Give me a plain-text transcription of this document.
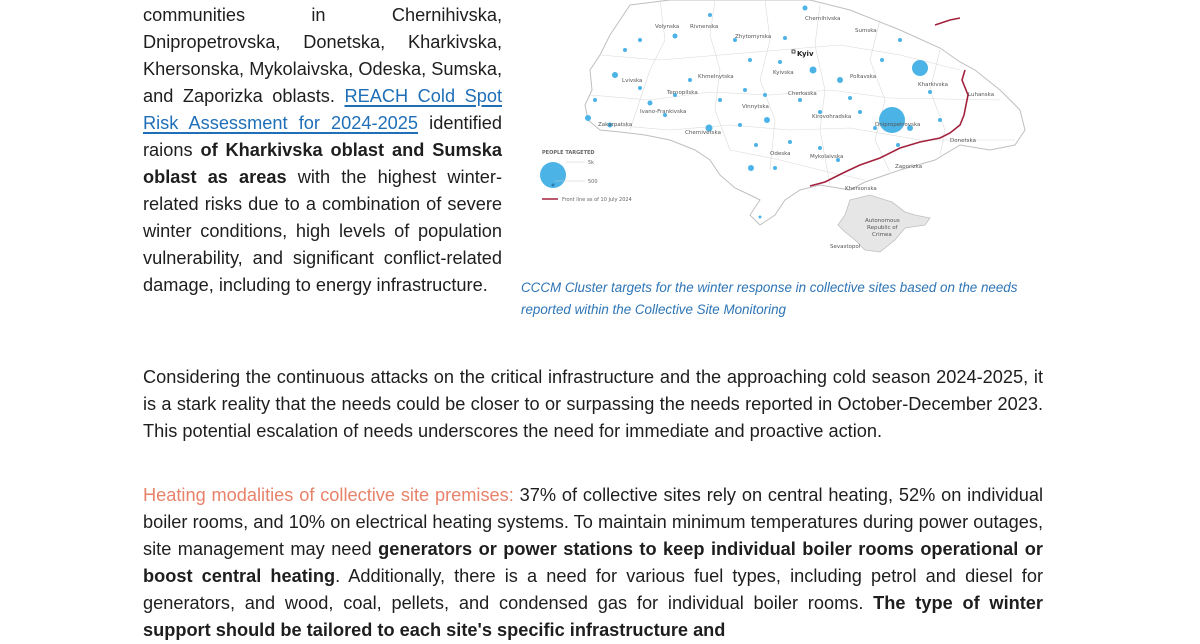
communities in Chernihivska, Dnipropetrovska, Donetska, Kharkivska, Khersonska, Mykolaivska, Odeska, Sumska, and Zaporizka oblasts. REACH Cold Spot Risk Assessment for 2024-2025 identified raions of Kharkivska oblast and Sumska oblast as areas with the highest winter-related risks due to a combination of severe winter conditions, high levels of population vulnerability, and significant conflict-related damage, including to energy infrastructure.

Autonomous
Republic of
Crimea
Sevastopol
Volynska Rivnenska
Zhytomyrska
Chernihivska
Sumska
Lvivska
Ternopilska
Khmelnytska
Kyivska
Poltavska
Kharkivska
Luhanska
Ivano-Frankivska
Zakarpatska
Vinnytska
Cherkaska
Chernivetska
Kirovohradska
Dnipropetrovska
Donetska
Odeska	Mykolaivska
Zaporizka
Khersonska
Kyiv
PEOPLE TARGETED
5k
500
Front line as of 10 July 2024
CCCM Cluster targets for the winter response in collective sites based on the needs reported within the Collective Site Monitoring

Considering the continuous attacks on the critical infrastructure and the approaching cold season 2024-2025, it is a stark reality that the needs could be closer to or surpassing the needs reported in October-December 2023. This potential escalation of needs underscores the need for immediate and proactive action.

Heating modalities of collective site premises: 37% of collective sites rely on central heating, 52% on individual boiler rooms, and 10% on electrical heating systems. To maintain minimum temperatures during power outages, site management may need generators or power stations to keep individual boiler rooms operational or boost central heating. Additionally, there is a need for various fuel types, including petrol and diesel for generators, and wood, coal, pellets, and condensed gas for individual boiler rooms. The type of winter support should be tailored to each site's specific infrastructure and
